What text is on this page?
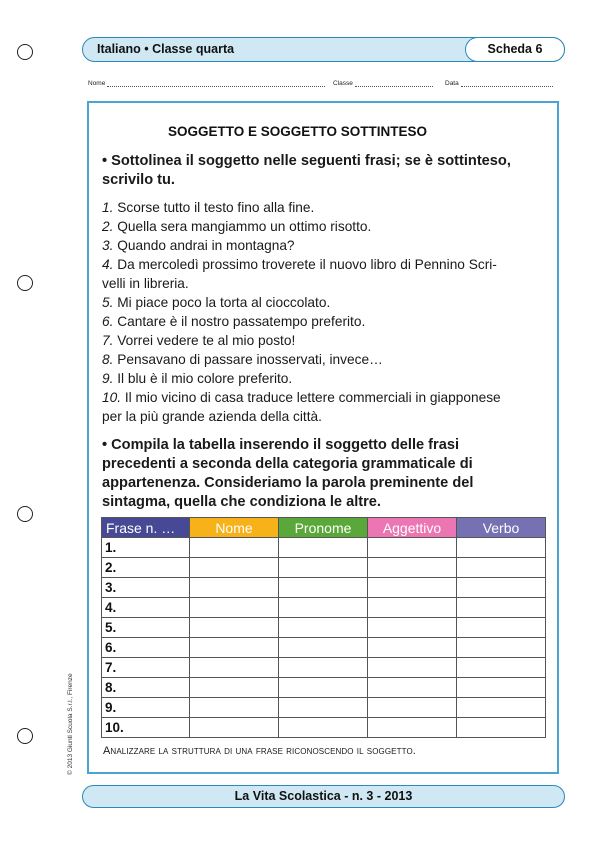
Italiano • Classe quarta	Scheda 6
Nome	Classe	Data
SOGGETTO E SOGGETTO SOTTINTESO
• Sottolinea il soggetto nelle seguenti frasi; se è sottinteso,
scrivilo tu.
1. Scorse tutto il testo fino alla fine.
2. Quella sera mangiammo un ottimo risotto.
3. Quando andrai in montagna?
4. Da mercoledì prossimo troverete il nuovo libro di Pennino Scri-
velli in libreria.
5. Mi piace poco la torta al cioccolato.
6. Cantare è il nostro passatempo preferito.
7. Vorrei vedere te al mio posto!
8. Pensavano di passare inosservati, invece…
9. Il blu è il mio colore preferito.
10. Il mio vicino di casa traduce lettere commerciali in giapponese
per la più grande azienda della città.
• Compila la tabella inserendo il soggetto delle frasi
precedenti a seconda della categoria grammaticale di
appartenenza. Consideriamo la parola preminente del
sintagma, quella che condiziona le altre.
Frase n. …	Nome	Pronome	Aggettivo	Verbo
1.				
2.				
3.				
4.				
5.				
6.				
7.				
8.				
9.				
10.				
Analizzare la struttura di una frase riconoscendo il soggetto.
La Vita Scolastica - n. 3 - 2013
© 2013 Giunti Scuola S.r.l., Firenze
